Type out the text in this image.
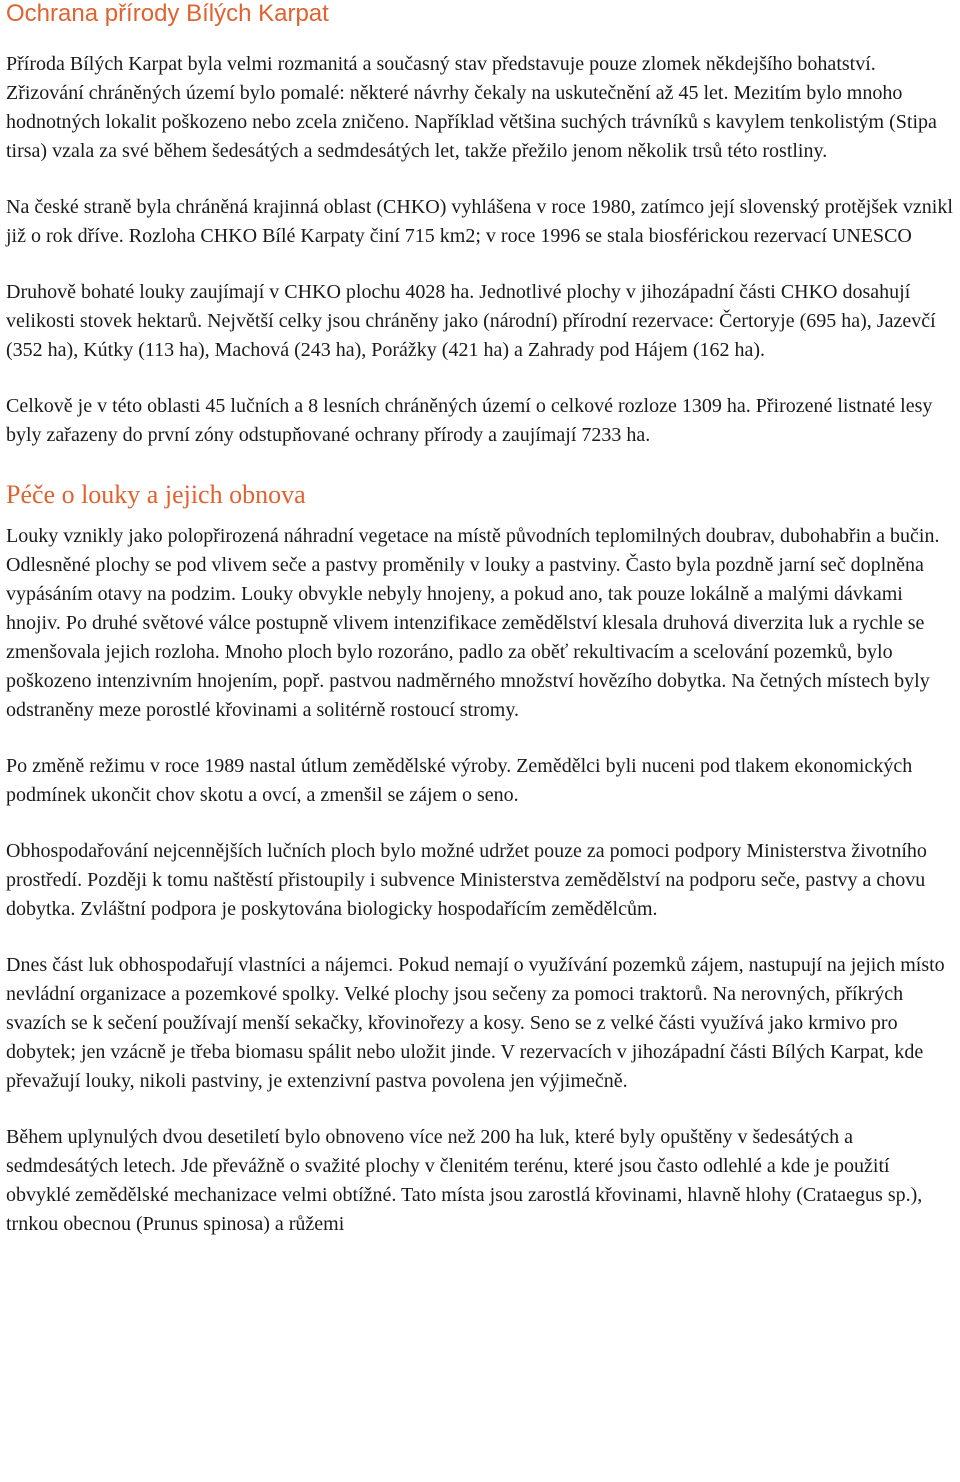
Ochrana přírody Bílých Karpat

Příroda Bílých Karpat byla velmi rozmanitá a současný stav představuje pouze zlomek někdejšího bohatství. Zřizování chráněných území bylo pomalé: některé návrhy čekaly na uskutečnění až 45 let. Mezitím bylo mnoho hodnotných lokalit poškozeno nebo zcela zničeno. Například většina suchých trávníků s kavylem tenkolistým (Stipa tirsa) vzala za své během šedesátých a sedmdesátých let, takže přežilo jenom několik trsů této rostliny.

Na české straně byla chráněná krajinná oblast (CHKO) vyhlášena v roce 1980, zatímco její slovenský protějšek vznikl již o rok dříve. Rozloha CHKO Bílé Karpaty činí 715 km2; v roce 1996 se stala biosférickou rezervací UNESCO

Druhově bohaté louky zaujímají v CHKO plochu 4028 ha. Jednotlivé plochy v jihozápadní části CHKO dosahují velikosti stovek hektarů. Největší celky jsou chráněny jako (národní) přírodní rezervace: Čertoryje (695 ha), Jazevčí (352 ha), Kútky (113 ha), Machová (243 ha), Porážky (421 ha) a Zahrady pod Hájem (162 ha).

Celkově je v této oblasti 45 lučních a 8 lesních chráněných území o celkové rozloze 1309 ha. Přirozené listnaté lesy byly zařazeny do první zóny odstupňované ochrany přírody a zaujímají 7233 ha.

Péče o louky a jejich obnova

Louky vznikly jako polopřirozená náhradní vegetace na místě původních teplomilných doubrav, dubohabřin a bučin. Odlesněné plochy se pod vlivem seče a pastvy proměnily v louky a pastviny. Často byla pozdně jarní seč doplněna vypásáním otavy na podzim. Louky obvykle nebyly hnojeny, a pokud ano, tak pouze lokálně a malými dávkami hnojiv. Po druhé světové válce postupně vlivem intenzifikace zemědělství klesala druhová diverzita luk a rychle se zmenšovala jejich rozloha. Mnoho ploch bylo rozoráno, padlo za oběť rekultivacím a scelování pozemků, bylo poškozeno intenzivním hnojením, popř. pastvou nadměrného množství hovězího dobytka. Na četných místech byly odstraněny meze porostlé křovinami a solitérně rostoucí stromy.

Po změně režimu v roce 1989 nastal útlum zemědělské výroby. Zemědělci byli nuceni pod tlakem ekonomických podmínek ukončit chov skotu a ovcí, a zmenšil se zájem o seno.

Obhospodařování nejcennějších lučních ploch bylo možné udržet pouze za pomoci podpory Ministerstva životního prostředí. Později k tomu naštěstí přistoupily i subvence Ministerstva zemědělství na podporu seče, pastvy a chovu dobytka. Zvláštní podpora je poskytována biologicky hospodařícím zemědělcům.

Dnes část luk obhospodařují vlastníci a nájemci. Pokud nemají o využívání pozemků zájem, nastupují na jejich místo nevládní organizace a pozemkové spolky. Velké plochy jsou sečeny za pomoci traktorů. Na nerovných, příkrých svazích se k sečení používají menší sekačky, křovinořezy a kosy. Seno se z velké části využívá jako krmivo pro dobytek; jen vzácně je třeba biomasu spálit nebo uložit jinde. V rezervacích v jihozápadní části Bílých Karpat, kde převažují louky, nikoli pastviny, je extenzivní pastva povolena jen výjimečně.

Během uplynulých dvou desetiletí bylo obnoveno více než 200 ha luk, které byly opuštěny v šedesátých a sedmdesátých letech. Jde převážně o svažité plochy v členitém terénu, které jsou často odlehlé a kde je použití obvyklé zemědělské mechanizace velmi obtížné. Tato místa jsou zarostlá křovinami, hlavně hlohy (Crataegus sp.), trnkou obecnou (Prunus spinosa) a růžemi
